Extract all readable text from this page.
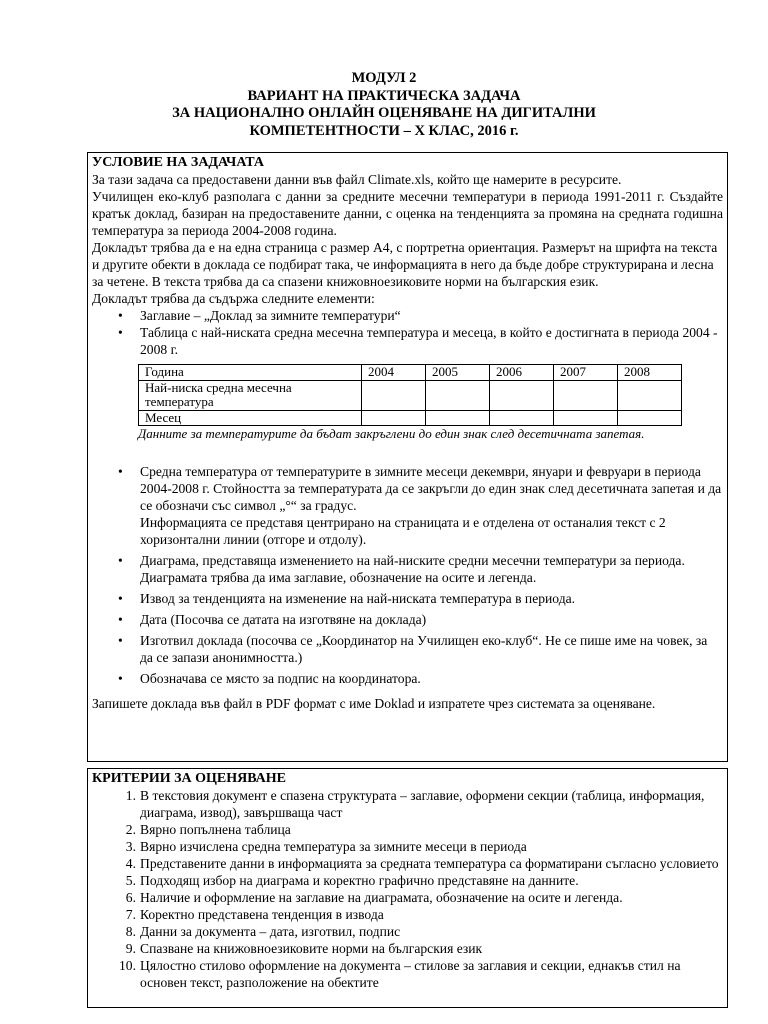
МОДУЛ 2
ВАРИАНТ НА ПРАКТИЧЕСКА ЗАДАЧА
ЗА НАЦИОНАЛНО ОНЛАЙН ОЦЕНЯВАНЕ НА ДИГИТАЛНИ
КОМПЕТЕНТНОСТИ – X КЛАС, 2016 г.
УСЛОВИЕ НА ЗАДАЧАТА

За тази задача са предоставени данни във файл Climate.xls, който ще намерите в ресурсите.

Училищен еко-клуб разполага с данни за средните месечни температури в периода 1991-2011 г. Създайте кратък доклад, базиран на предоставените данни, с оценка на тенденцията за промяна на средната годишна температура за периода 2004-2008 година.

Докладът трябва да е на една страница с размер А4, с портретна ориентация. Размерът на шрифта на текста и другите обекти в доклада се подбират така, че информацията в него да бъде добре структурирана и лесна за четене. В текста трябва да са спазени книжовноезиковите норми на българския език.

Докладът трябва да съдържа следните елементи:

• Заглавие – „Доклад за зимните температури“
• Таблица с най-ниската средна месечна температура и месеца, в който е достигната в периода 2004 - 2008 г.
Година	2004	2005	2006	2007	2008
Най-ниска средна месечна температура					
Месец					
Данните за температурите да бъдат закръглени до един знак след десетичната запетая.
• Средна температура от температурите в зимните месеци декември, януари и февруари в периода 2004-2008 г. Стойността за температурата да се закръгли до един знак след десетичната запетая и да се обозначи със символ „°“ за градус.
Информацията се представя центрирано на страницата и е отделена от останалия текст с 2 хоризонтални линии (отгоре и отдолу).
• Диаграма, представяща изменението на най-ниските средни месечни температури за периода. Диаграмата трябва да има заглавие, обозначение на осите и легенда.
• Извод за тенденцията на изменение на най-ниската температура в периода.
• Дата (Посочва се датата на изготвяне на доклада)
• Изготвил доклада (посочва се „Координатор на Училищен еко-клуб“. Не се пише име на човек, за да се запази анонимността.)
• Обозначава се място за подпис на координатора.

Запишете доклада във файл в PDF формат с име Doklad и изпратете чрез системата за оценяване.

КРИТЕРИИ ЗА ОЦЕНЯВАНЕ
1. В текстовия документ е спазена структурата – заглавие, оформени секции (таблица, информация, диаграма, извод), завършваща част
2. Вярно попълнена таблица
3. Вярно изчислена средна температура за зимните месеци в периода
4. Представените данни в информацията за средната температура са форматирани съгласно условието
5. Подходящ избор на диаграма и коректно графично представяне на данните.
6. Наличие и оформление на заглавие на диаграмата, обозначение на осите и легенда.
7. Коректно представена тенденция в извода
8. Данни за документа – дата, изготвил, подпис
9. Спазване на книжовноезиковите норми на българския език
10. Цялостно стилово оформление на документа – стилове за заглавия и секции, еднакъв стил на основен текст, разположение на обектите
